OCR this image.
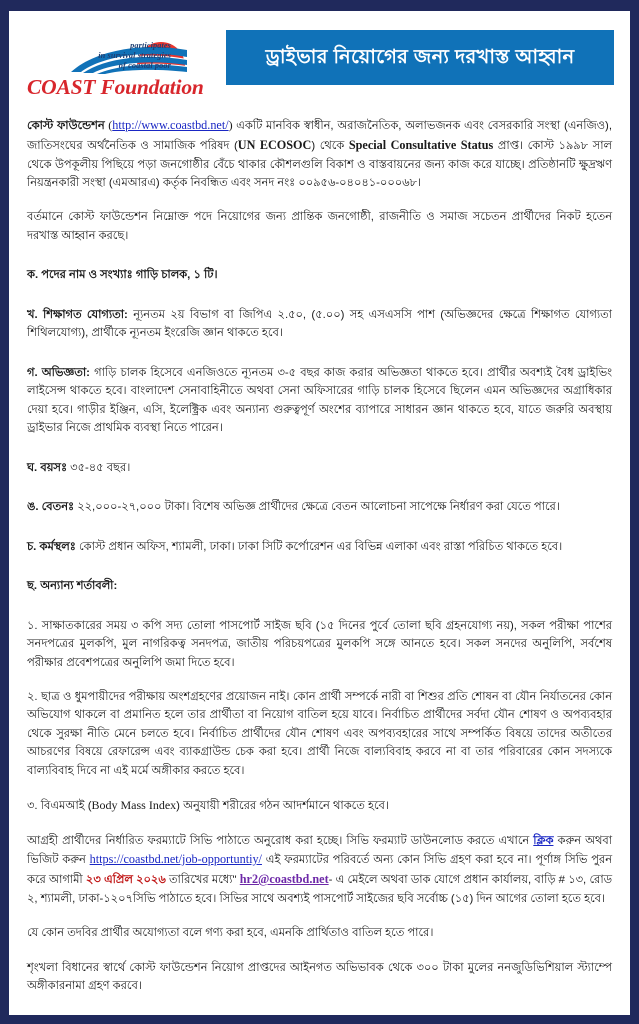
participates
in survival strategies
of coastal poor
COAST Foundation
ড্রাইভার নিয়োগের জন্য দরখাস্ত আহ্বান

কোস্ট ফাউন্ডেশন (http://www.coastbd.net/) একটি মানবিক স্বাধীন, অরাজনৈতিক, অলাভজনক এবং বেসরকারি সংস্থা (এনজিও), জাতিসংঘের অর্থনৈতিক ও সামাজিক পরিষদ (UN ECOSOC) থেকে Special Consultative Status প্রাপ্ত। কোস্ট ১৯৯৮ সাল থেকে উপকূলীয় পিছিয়ে পড়া জনগোষ্ঠীর বেঁচে থাকার কৌশলগুলি বিকাশ ও বাস্তবায়নের জন্য কাজ করে যাচ্ছে। প্রতিষ্ঠানটি ক্ষুদ্রঋণ নিয়ন্ত্রনকারী সংস্থা (এমআরএ) কর্তৃক নিবন্ধিত এবং সনদ নংঃ ০০৯৫৬-০৪০৪১-০০০৬৮।

বর্তমানে কোস্ট ফাউন্ডেশন নিম্নোক্ত পদে নিয়োগের জন্য প্রান্তিক জনগোষ্ঠী, রাজনীতি ও সমাজ সচেতন প্রার্থীদের নিকট হতেন দরখাস্ত আহ্বান করছে।

ক. পদের নাম ও সংখ্যাঃ গাড়ি চালক, ১ টি।

খ. শিক্ষাগত যোগ্যতা: ন্যূনতম ২য় বিভাগ বা জিপিএ ২.৫০, (৫.০০) সহ এসএসসি পাশ (অভিজ্ঞদের ক্ষেত্রে শিক্ষাগত যোগ্যতা শিথিলযোগ্য), প্রার্থীকে ন্যূনতম ইংরেজি জ্ঞান থাকতে হবে।

গ. অভিজ্ঞতা: গাড়ি চালক হিসেবে এনজিওতে ন্যূনতম ৩-৫ বছর কাজ করার অভিজ্ঞতা থাকতে হবে। প্রার্থীর অবশ্যই বৈধ ড্রাইভিং লাইসেন্স থাকতে হবে। বাংলাদেশ সেনাবাহিনীতে অথবা সেনা অফিসারের গাড়ি চালক হিসেবে ছিলেন এমন অভিজ্ঞদের অগ্রাধিকার দেয়া হবে। গাড়ীর ইঞ্জিন, এসি, ইলেক্ট্রিক এবং অন্যান্য গুরুত্বপূর্ণ অংশের ব্যাপারে সাধারন জ্ঞান থাকতে হবে, যাতে জরুরি অবস্থায় ড্রাইভার নিজে প্রাথমিক ব্যবস্থা নিতে পারেন।

ঘ. বয়সঃ ৩৫-৪৫ বছর।

ঙ. বেতনঃ ২২,০০০-২৭,০০০ টাকা। বিশেষ অভিজ্ঞ প্রার্থীদের ক্ষেত্রে বেতন আলোচনা সাপেক্ষে নির্ধারণ করা যেতে পারে।

চ. কর্মস্থলঃ কোস্ট প্রধান অফিস, শ্যামলী, ঢাকা। ঢাকা সিটি কর্পোরেশন এর বিভিন্ন এলাকা এবং রাস্তা পরিচিত থাকতে হবে।

ছ. অন্যান্য শর্তাবলী:

১. সাক্ষাতকারের সময় ৩ কপি সদ্য তোলা পাসপোর্ট সাইজ ছবি (১৫ দিনের পুর্বে তোলা ছবি গ্রহনযোগ্য নয়), সকল পরীক্ষা পাশের সনদপত্রের মুলকপি, মুল নাগরিকত্ব সনদপত্র, জাতীয় পরিচয়পত্রের মুলকপি সঙ্গে আনতে হবে। সকল সনদের অনুলিপি, সর্বশেষ পরীক্ষার প্রবেশপত্রের অনুলিপি জমা দিতে হবে।

২. ছাত্র ও ধুমপায়ীদের পরীক্ষায় অংশগ্রহণের প্রয়োজন নাই। কোন প্রার্থী সম্পর্কে নারী বা শিশুর প্রতি শোষন বা যৌন নির্যাতনের কোন অভিযোগ থাকলে বা প্রমানিত হলে তার প্রার্থীতা বা নিয়োগ বাতিল হয়ে যাবে। নির্বাচিত প্রার্থীদের সর্বদা যৌন শোষণ ও অপব্যবহার থেকে সুরক্ষা নীতি মেনে চলতে হবে। নির্বাচিত প্রার্থীদের যৌন শোষণ এবং অপব্যবহারের সাথে সম্পর্কিত বিষয়ে তাদের অতীতের আচরণের বিষয়ে রেফারেন্স এবং ব্যাকগ্রাউন্ড চেক করা হবে। প্রার্থী নিজে বাল্যবিবাহ করবে না বা তার পরিবারের কোন সদস্যকে বাল্যবিবাহ দিবে না এই মর্মে অঙ্গীকার করতে হবে।

৩. বিএমআই (Body Mass Index) অনুযায়ী শরীরের গঠন আদর্শমানে থাকতে হবে।

আগ্রহী প্রার্থীদের নির্ধারিত ফরম্যাটে সিভি পাঠাতে অনুরোধ করা হচ্ছে। সিভি ফরম্যাট ডাউনলোড করতে এখানে ক্লিক করুন অথবা ভিজিট করুন https://coastbd.net/job-opportuntiy/ এই ফরম্যাটের পরিবর্তে অন্য কোন সিভি গ্রহণ করা হবে না। পূর্ণাঙ্গ সিভি পুরন করে আগামী ২৩ এপ্রিল ২০২৬ তারিখের মধ্যে" hr2@coastbd.net- এ মেইলে অথবা ডাক যোগে প্রধান কার্যালয়, বাড়ি # ১৩, রোড ২, শ্যামলী, ঢাকা-১২০৭সিভি পাঠাতে হবে। সিভির সাথে অবশ্যই পাসপোর্ট সাইজের ছবি সর্বোচ্চ (১৫) দিন আগের তোলা হতে হবে।

যে কোন তদবির প্রার্থীর অযোগ্যতা বলে গণ্য করা হবে, এমনকি প্রার্থিতাও বাতিল হতে পারে।

শৃংখলা বিধানের স্বার্থে কোস্ট ফাউন্ডেশন নিয়োগ প্রাপ্তদের আইনগত অভিভাবক থেকে ৩০০ টাকা মুলের ননজুডিভিশিয়াল স্ট্যাম্পে অঙ্গীকারনামা গ্রহণ করবে।
